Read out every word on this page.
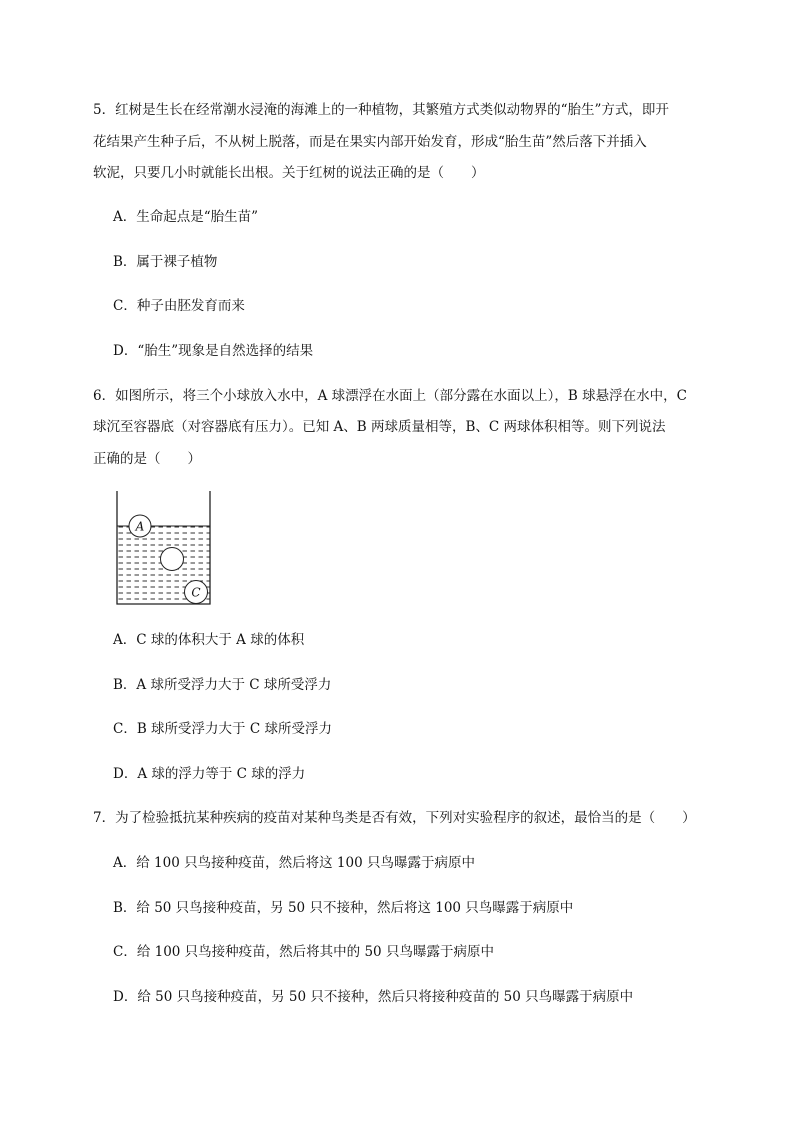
5．红树是生长在经常潮水浸淹的海滩上的一种植物，其繁殖方式类似动物界的“胎生”方式，即开
花结果产生种子后，不从树上脱落，而是在果实内部开始发育，形成“胎生苗”然后落下并插入
软泥，只要几小时就能长出根。关于红树的说法正确的是（　　）
A．生命起点是“胎生苗”
B．属于裸子植物
C．种子由胚发育而来
D．“胎生”现象是自然选择的结果
6．如图所示，将三个小球放入水中，A 球漂浮在水面上（部分露在水面以上），B 球悬浮在水中，C
球沉至容器底（对容器底有压力）。已知 A、B 两球质量相等，B、C 两球体积相等。则下列说法
正确的是（　　）
A
C
A．C 球的体积大于 A 球的体积
B．A 球所受浮力大于 C 球所受浮力
C．B 球所受浮力大于 C 球所受浮力
D．A 球的浮力等于 C 球的浮力
7．为了检验抵抗某种疾病的疫苗对某种鸟类是否有效，下列对实验程序的叙述，最恰当的是（　　）
A．给 100 只鸟接种疫苗，然后将这 100 只鸟曝露于病原中
B．给 50 只鸟接种疫苗，另 50 只不接种，然后将这 100 只鸟曝露于病原中
C．给 100 只鸟接种疫苗，然后将其中的 50 只鸟曝露于病原中
D．给 50 只鸟接种疫苗，另 50 只不接种，然后只将接种疫苗的 50 只鸟曝露于病原中
